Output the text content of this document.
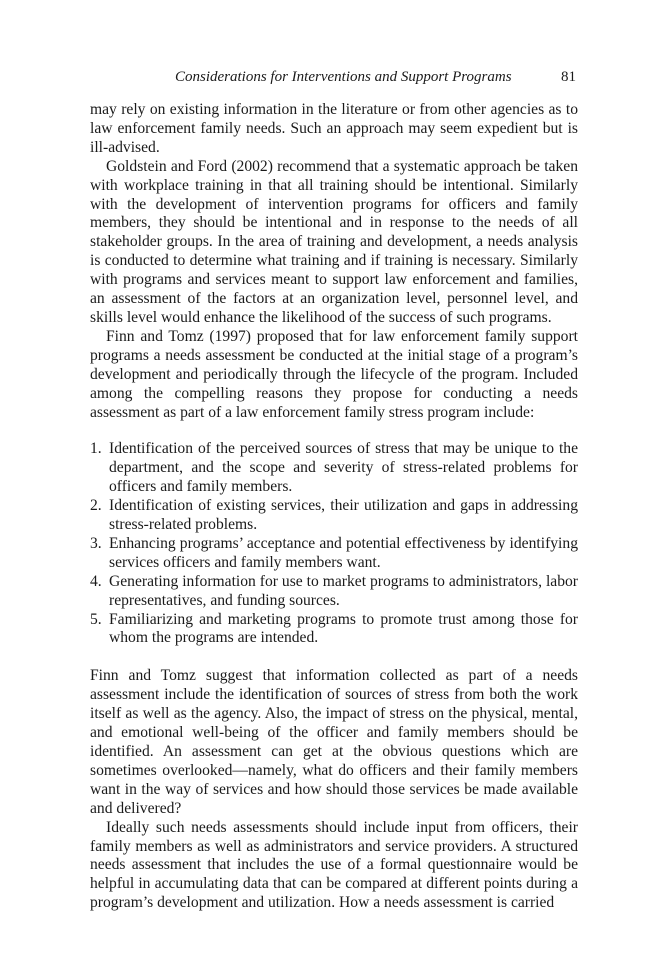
Considerations for Interventions and Support Programs	81

may rely on existing information in the literature or from other agencies as to law enforcement family needs. Such an approach may seem expedient but is ill-advised.

Goldstein and Ford (2002) recommend that a systematic approach be taken with workplace training in that all training should be intentional. Similarly with the development of intervention programs for officers and family members, they should be intentional and in response to the needs of all stakeholder groups. In the area of training and development, a needs analysis is conducted to determine what training and if training is necessary. Similarly with programs and services meant to support law enforcement and families, an assessment of the factors at an organization level, personnel level, and skills level would enhance the likelihood of the success of such programs.

Finn and Tomz (1997) proposed that for law enforcement family support programs a needs assessment be conducted at the initial stage of a program’s development and periodically through the lifecycle of the program. Included among the compelling reasons they propose for conducting a needs assessment as part of a law enforcement family stress program include:

1. Identification of the perceived sources of stress that may be unique to the department, and the scope and severity of stress-related problems for officers and family members.
2. Identification of existing services, their utilization and gaps in addressing stress-related problems.
3. Enhancing programs’ acceptance and potential effectiveness by identifying services officers and family members want.
4. Generating information for use to market programs to administrators, labor representatives, and funding sources.
5. Familiarizing and marketing programs to promote trust among those for whom the programs are intended.

Finn and Tomz suggest that information collected as part of a needs assessment include the identification of sources of stress from both the work itself as well as the agency. Also, the impact of stress on the physical, mental, and emotional well-being of the officer and family members should be identified. An assessment can get at the obvious questions which are sometimes overlooked—namely, what do officers and their family members want in the way of services and how should those services be made available and delivered?

Ideally such needs assessments should include input from officers, their family members as well as administrators and service providers. A structured needs assessment that includes the use of a formal questionnaire would be helpful in accumulating data that can be compared at different points during a program’s development and utilization. How a needs assessment is carried
